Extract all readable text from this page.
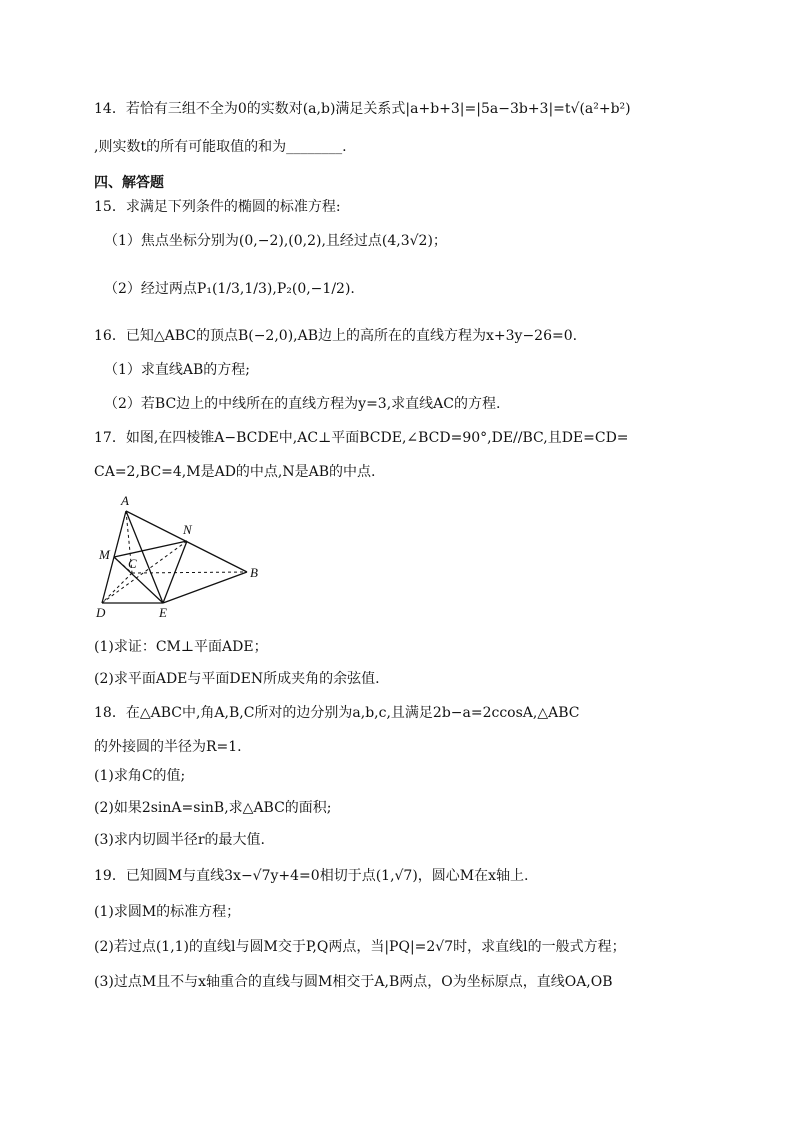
14．若恰有三组不全为0的实数对(a,b)满足关系式|a+b+3|=|5a−3b+3|=t√(a²+b²)
,则实数t的所有可能取值的和为________.
四、解答题
15．求满足下列条件的椭圆的标准方程:
（1）焦点坐标分别为(0,−2),(0,2),且经过点(4,3√2)；
（2）经过两点P₁(1/3,1/3),P₂(0,−1/2).
16．已知△ABC的顶点B(−2,0),AB边上的高所在的直线方程为x+3y−26=0.
（1）求直线AB的方程;
（2）若BC边上的中线所在的直线方程为y=3,求直线AC的方程.
17．如图,在四棱锥A−BCDE中,AC⊥平面BCDE,∠BCD=90°,DE//BC,且DE=CD=
CA=2,BC=4,M是AD的中点,N是AB的中点.
A
N
M
C
B
D	E
(1)求证：CM⊥平面ADE；
(2)求平面ADE与平面DEN所成夹角的余弦值.
18．在△ABC中,角A,B,C所对的边分别为a,b,c,且满足2b−a=2ccosA,△ABC
的外接圆的半径为R=1.
(1)求角C的值;
(2)如果2sinA=sinB,求△ABC的面积;
(3)求内切圆半径r的最大值.
19．已知圆M与直线3x−√7y+4=0相切于点(1,√7)，圆心M在x轴上.
(1)求圆M的标准方程；
(2)若过点(1,1)的直线l与圆M交于P,Q两点，当|PQ|=2√7时，求直线l的一般式方程；
(3)过点M且不与x轴重合的直线与圆M相交于A,B两点，O为坐标原点，直线OA,OB
